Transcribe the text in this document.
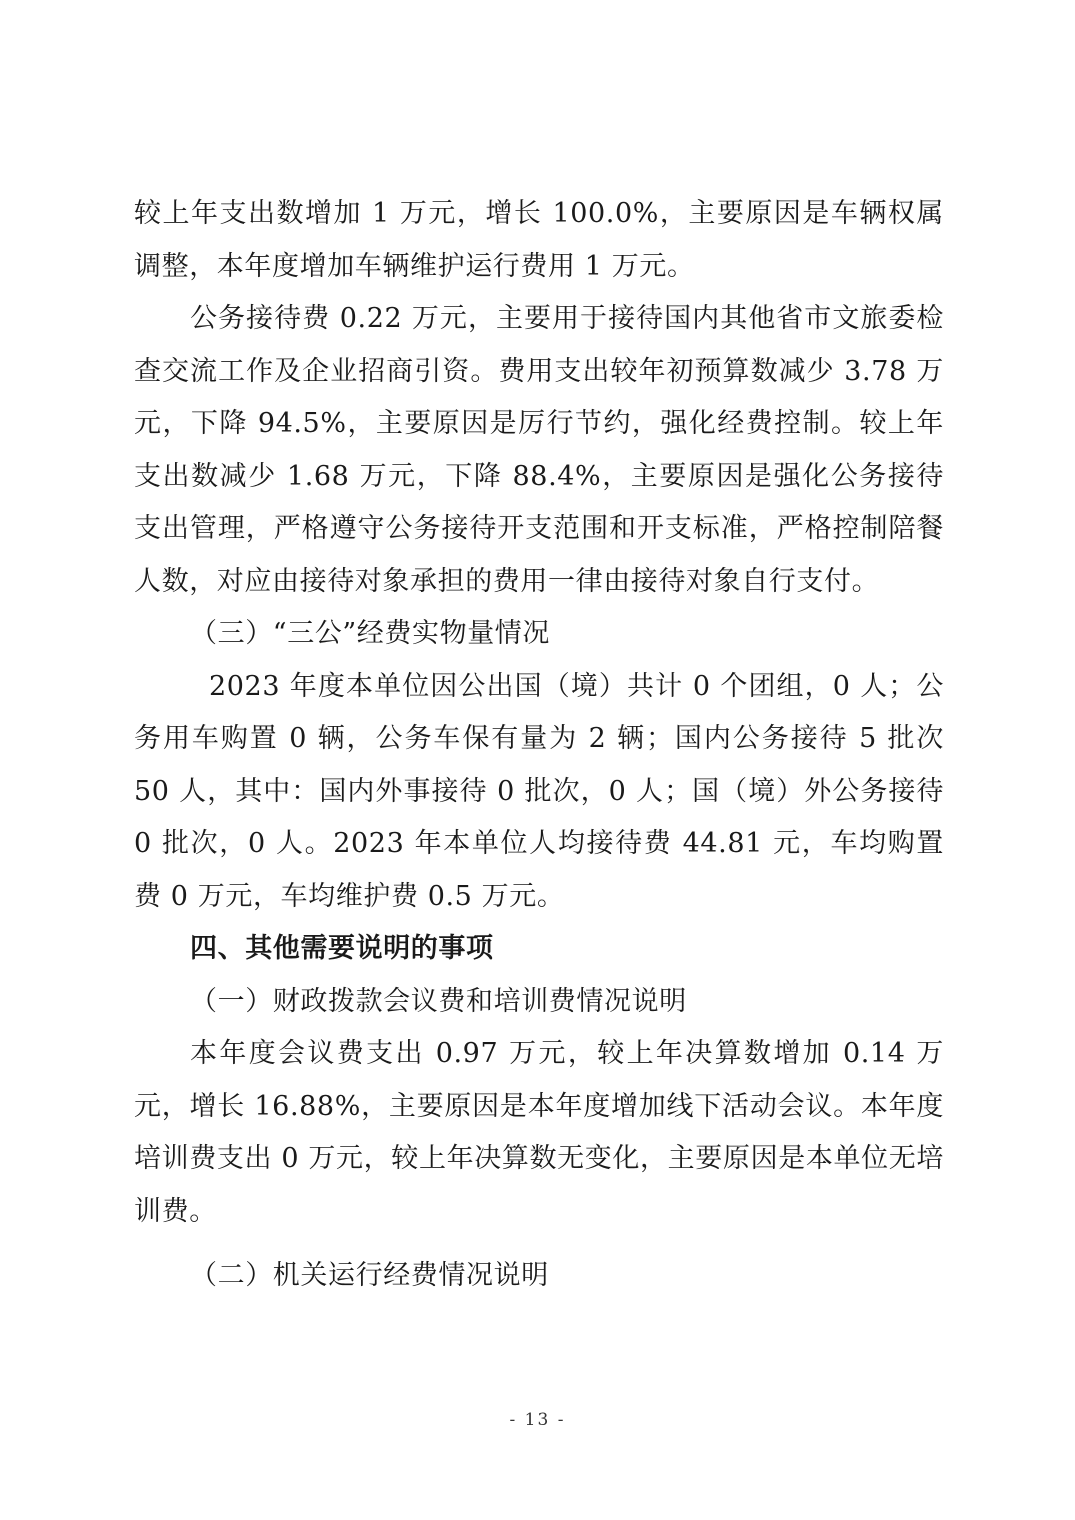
较上年支出数增加 1 万元，增长 100.0%，主要原因是车辆权属调整，本年度增加车辆维护运行费用 1 万元。

公务接待费 0.22 万元，主要用于接待国内其他省市文旅委检查交流工作及企业招商引资。费用支出较年初预算数减少 3.78 万元，下降 94.5%，主要原因是厉行节约，强化经费控制。较上年支出数减少 1.68 万元，下降 88.4%，主要原因是强化公务接待支出管理，严格遵守公务接待开支范围和开支标准，严格控制陪餐人数，对应由接待对象承担的费用一律由接待对象自行支付。

（三）“三公”经费实物量情况

2023 年度本单位因公出国（境）共计 0 个团组，0 人；公务用车购置 0 辆，公务车保有量为 2 辆；国内公务接待 5 批次 50 人，其中：国内外事接待 0 批次，0 人；国（境）外公务接待 0 批次，0 人。2023 年本单位人均接待费 44.81 元，车均购置费 0 万元，车均维护费 0.5 万元。

四、其他需要说明的事项

（一）财政拨款会议费和培训费情况说明

本年度会议费支出 0.97 万元，较上年决算数增加 0.14 万元，增长 16.88%，主要原因是本年度增加线下活动会议。本年度培训费支出 0 万元，较上年决算数无变化，主要原因是本单位无培训费。

（二）机关运行经费情况说明

- 13 -
